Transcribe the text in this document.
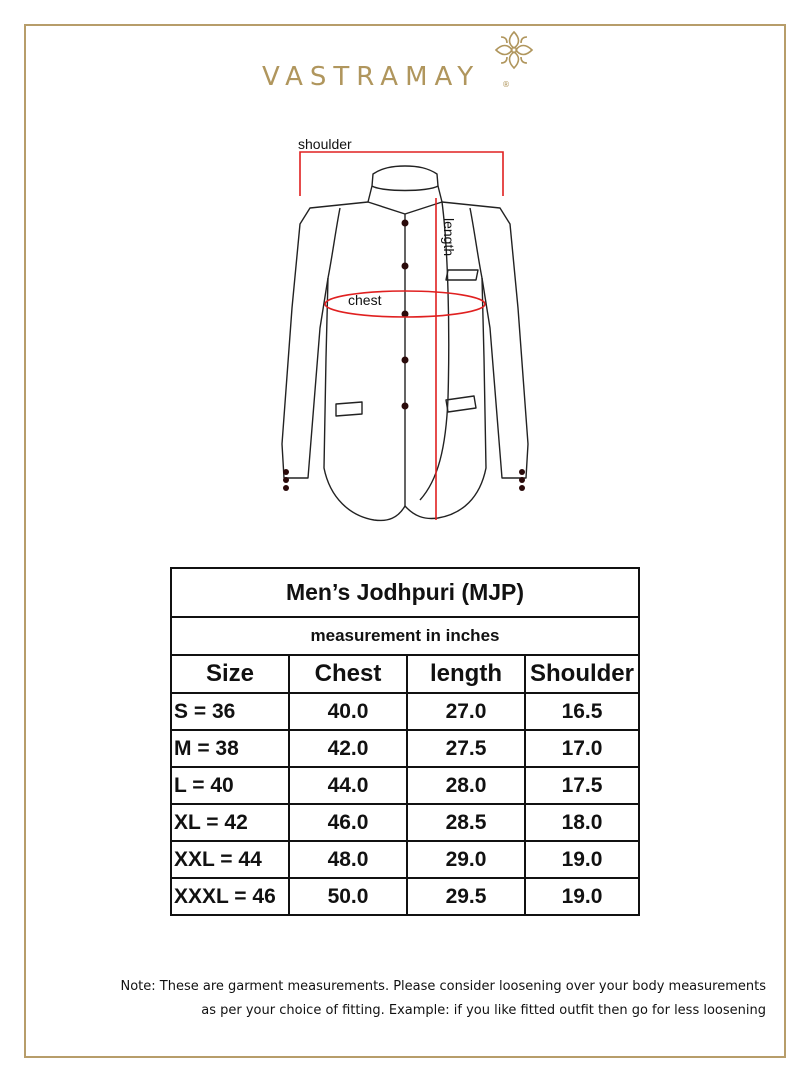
VASTRAMAY	®
shoulder
chest
length
Men’s Jodhpuri (MJP)			
measurement in inches			
Size	Chest	length	Shoulder
S = 36	40.0	27.0	16.5
M = 38	42.0	27.5	17.0
L = 40	44.0	28.0	17.5
XL = 42	46.0	28.5	18.0
XXL = 44	48.0	29.0	19.0
XXXL = 46	50.0	29.5	19.0
Note: These are garment measurements. Please consider loosening over your body measurements
as per your choice of fitting. Example: if you like fitted outfit then go for less loosening
